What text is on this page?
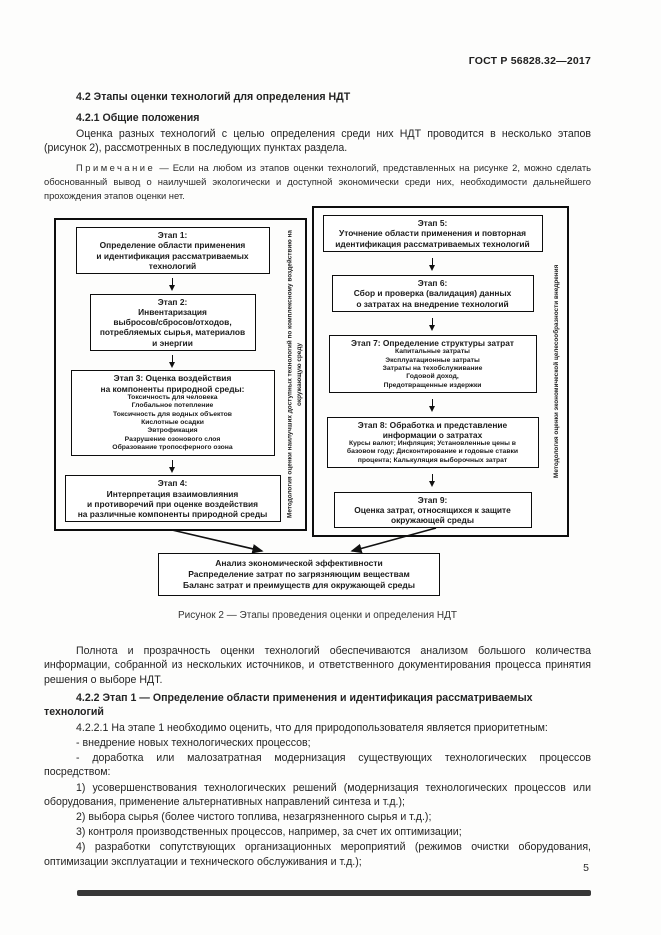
ГОСТ Р 56828.32—2017
4.2 Этапы оценки технологий для определения НДТ
4.2.1 Общие положения

Оценка разных технологий с целью определения среди них НДТ проводится в несколько этапов (рисунок 2), рассмотренных в последующих пунктах раздела.

Примечание — Если на любом из этапов оценки технологий, представленных на рисунке 2, можно сделать обоснованный вывод о наилучшей экологически и доступной экономически среди них, необходимости дальнейшего прохождения этапов оценки нет.

Этап 1:
Определение области применения
и идентификация рассматриваемых
технологий
Этап 2:
Инвентаризация
выбросов/сбросов/отходов,
потребляемых сырья, материалов
и энергии
Этап 3: Оценка воздействия
на компоненты природной среды:
Токсичность для человека
Глобальное потепление
Токсичность для водных объектов
Кислотные осадки
Эвтрофикация
Разрушение озонового слоя
Образование тропосферного озона
Этап 4:
Интерпретация взаимовлияния
и противоречий при оценке воздействия
на различные компоненты природной среды	Методология оценки наилучших доступных технологий по комплексному воздействию на окружающую среду
Этап 5:
Уточнение области применения и повторная
идентификация рассматриваемых технологий
Этап 6:
Сбор и проверка (валидация) данных
о затратах на внедрение технологий
Этап 7: Определение структуры затрат
Капитальные затраты
Эксплуатационные затраты
Затраты на техобслуживание
Годовой доход,
Предотвращенные издержки
Этап 8: Обработка и представление
информации о затратах
Курсы валют; Инфляция; Установленные цены в базовом году; Дисконтирование и годовые ставки процента; Калькуляция выборочных затрат
Этап 9:
Оценка затрат, относящихся к защите
окружающей среды
Методология оценки экономической целесообразности внедрения
Анализ экономической эффективности
Распределение затрат по загрязняющим веществам
Баланс затрат и преимуществ для окружающей среды
Рисунок 2 — Этапы проведения оценки и определения НДТ

Полнота и прозрачность оценки технологий обеспечиваются анализом большого количества информации, собранной из нескольких источников, и ответственного документирования процесса принятия решения о выборе НДТ.

4.2.2 Этап 1 — Определение области применения и идентификация рассматриваемых технологий

4.2.2.1 На этапе 1 необходимо оценить, что для природопользователя является приоритетным:

- внедрение новых технологических процессов;

- доработка или малозатратная модернизация существующих технологических процессов посредством:

1) усовершенствования технологических решений (модернизация технологических процессов или оборудования, применение альтернативных направлений синтеза и т.д.);

2) выбора сырья (более чистого топлива, незагрязненного сырья и т.д.);

3) контроля производственных процессов, например, за счет их оптимизации;

4) разработки сопутствующих организационных мероприятий (режимов очистки оборудования, оптимизации эксплуатации и технического обслуживания и т.д.);

5
